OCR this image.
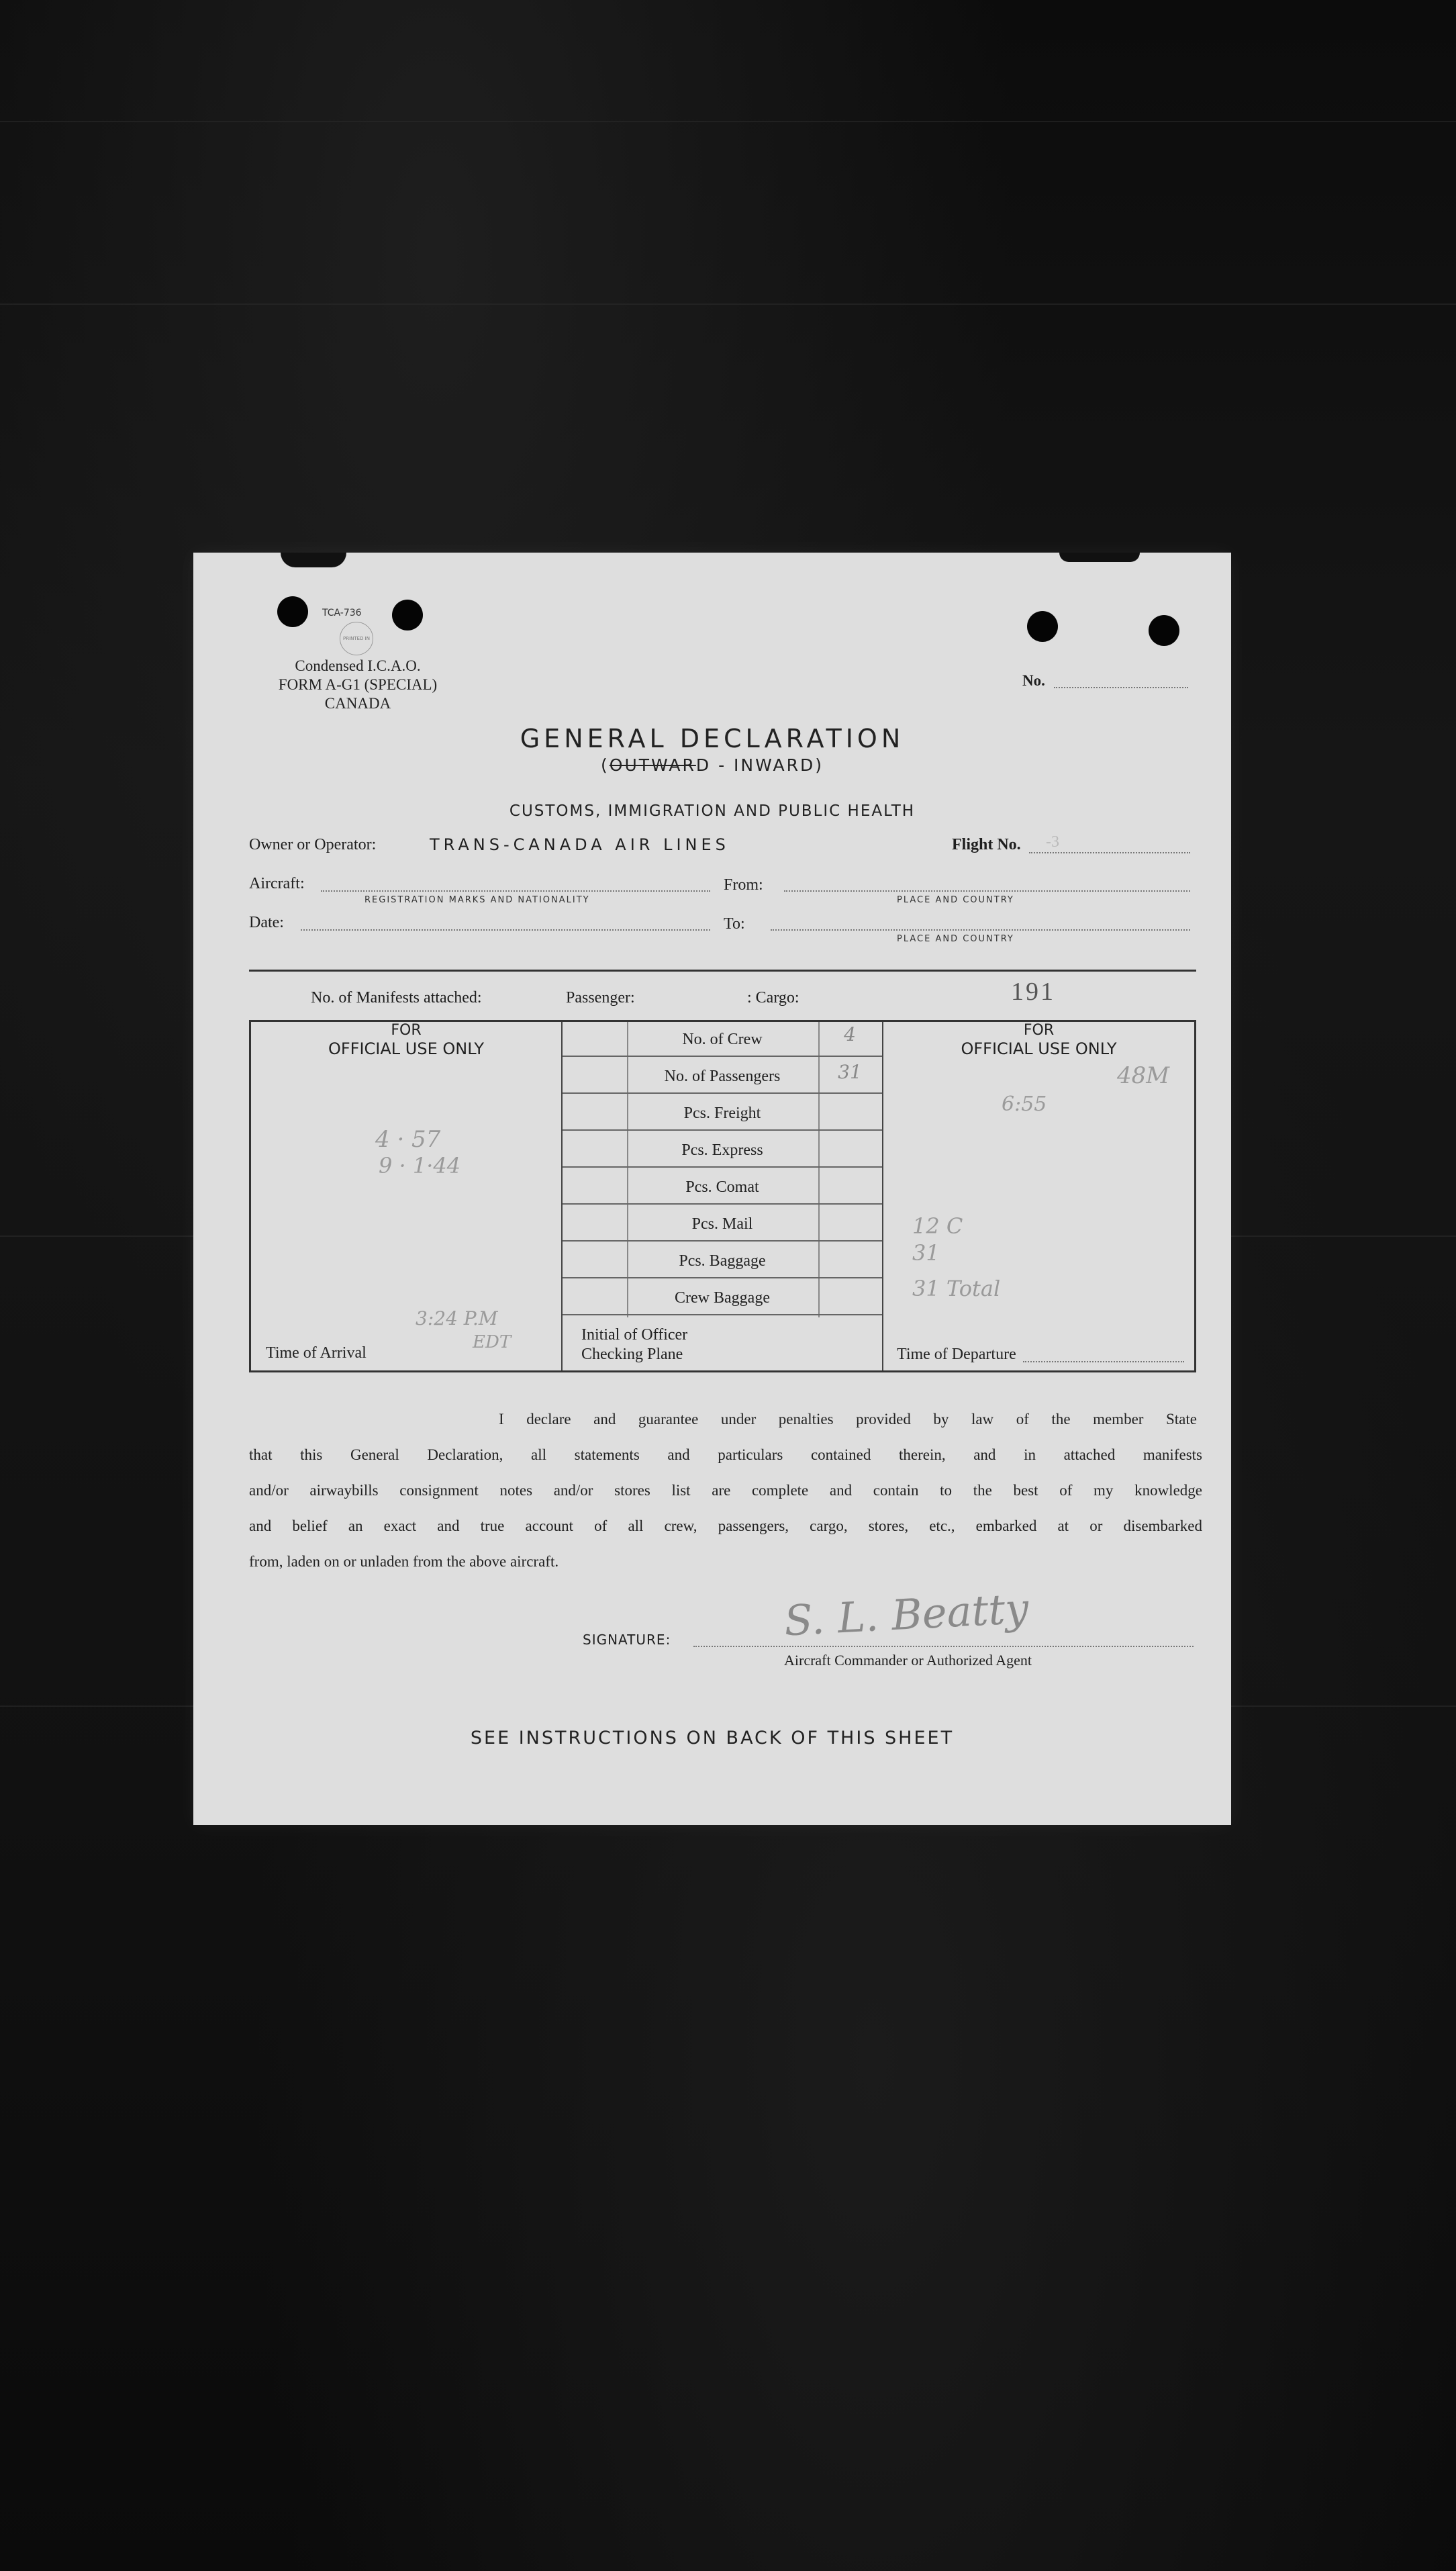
TCA-736
PRINTED IN
Condensed I.C.A.O.
FORM A-G1 (SPECIAL)
CANADA
No.
GENERAL DECLARATION
(OUTWARD - INWARD)
CUSTOMS, IMMIGRATION AND PUBLIC HEALTH
Owner or Operator:	TRANS-CANADA AIR LINES	Flight No. -3
Aircraft:
REGISTRATION MARKS AND NATIONALITY
From:
PLACE AND COUNTRY
Date:	To:
PLACE AND COUNTRY
No. of Manifests attached:	Passenger:	: Cargo:	191
FOR
OFFICIAL USE ONLY
4 · 57
9 · 1·44
3:24 P.M
EDT
Time of Arrival
No. of Crew	4
No. of Passengers	31
Pcs. Freight
Pcs. Express
Pcs. Comat
Pcs. Mail
Pcs. Baggage
Crew Baggage
Initial of Officer
Checking Plane
FOR
OFFICIAL USE ONLY
48M
6:55
12 C
31
31 Total
Time of Departure
I declare and guarantee under penalties provided by law of the member State
that this General Declaration, all statements and particulars contained therein, and in attached manifests
and/or airwaybills consignment notes and/or stores list are complete and contain to the best of my knowledge
and belief an exact and true account of all crew, passengers, cargo, stores, etc., embarked at or disembarked
from, laden on or unladen from the above aircraft.
SIGNATURE:	S. L. Beatty
Aircraft Commander or Authorized Agent
SEE INSTRUCTIONS ON BACK OF THIS SHEET
